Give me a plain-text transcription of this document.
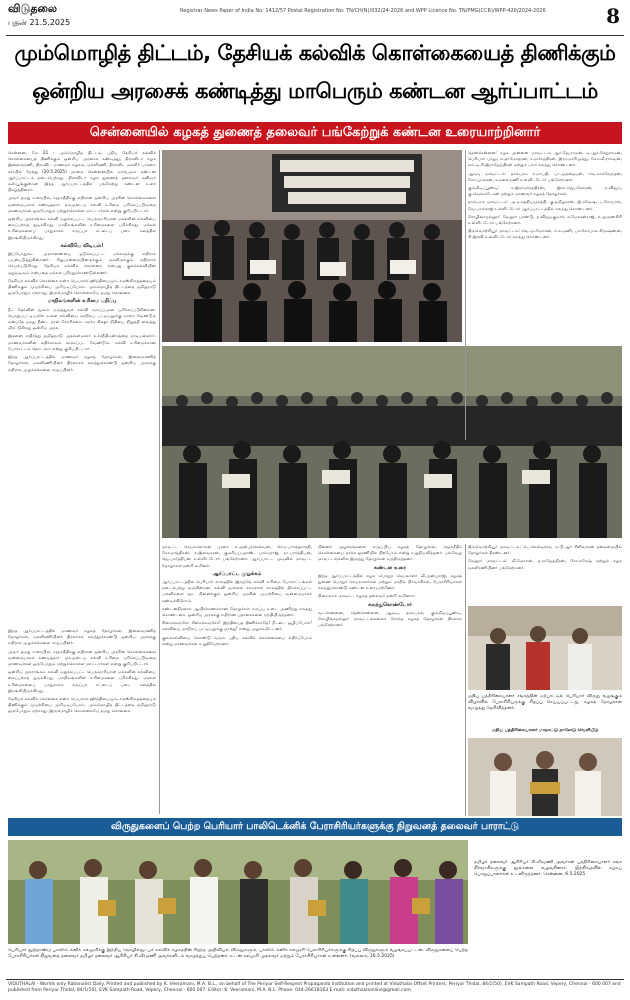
விடுதலை
புதன் 21.5.2025
Registrar News Paper of India No: 1412/57 Postal Registration No: TN/CH(N)/032/24-2026 and WPP Licence No. TN/PMG(CCR)/WPP-420/2024-2026	8
மும்மொழித் திட்டம், தேசியக் கல்விக் கொள்கையைத் திணிக்கும்
ஒன்றிய அரசைக் கண்டித்து மாபெரும் கண்டன ஆர்ப்பாட்டம்
சென்னையில் கழகத் துணைத் தலைவர் பங்கேற்றுக் கண்டன உரையாற்றினார்

சென்னை, மே 21 - மும்மொழித் திட்டம், புதிய தேசியக் கல்விக் கொள்கையைத் திணிக்கும் ஒன்றிய அரசைக் கண்டித்து, திராவிடர் கழக இளைஞரணி, திராவிட மாணவர் கழகம், மகளிரணி, திராவிட மகளிர் பாசறை சார்பில் நேற்று (20.5.2025) மாலை சென்னையில் மாபெரும் கண்டன ஆர்ப்பாட்டம் நடைபெற்றது. திராவிடர் கழக துணைத் தலைவர் கவிஞர் கலி.பூங்குன்றன் இந்த ஆர்ப்பாட்டத்தில் பங்கேற்று கண்டன உரை நிகழ்த்தினார்.

அவர் தமது உரையில், சமூகநீதிக்கு எதிரான ஒன்றிய அரசின் கொள்கைகளை வன்மையாகக் கண்டித்தார். நம்முடைய கல்வி உரிமை பறிக்கப்படுவதை மாணவர்கள் ஒருபோதும் ஏற்றுக்கொள்ள மாட்டார்கள் என்று குறிப்பிட்டார்.

ஒன்றிய அரசாங்கம் கல்வி மறுக்கப்பட்ட பெருவாரியான மக்களின் கல்வியை கைப்பற்றத் துடிக்கிறது. மாநிலங்களின் உரிமைகளை பறிக்கிறது. மக்கள் உரிமைகளைப் பாதுகாக்க கருப்புச் சட்டைப் படை களத்தில் இறங்கியிருக்கிறது.

கல்வியே விடியல்!

இப்போதுகூட அரசாணையை ஒடுக்கப்பட்ட மக்களுக்கு எதிராக பயன்படுத்துகின்றனர். சிறுபான்மையினருக்கும் மகளிருக்கும் எதிராகச் செயல்படுகிறது. தேசியக் கல்விக் கொள்கை என்பது குலக்கல்வியின் மறுவடிவம் என்பதை மக்கள் புரிந்துகொண்டுள்ளனர்.

தேசியக் கல்விக் கொள்கை என்ற பெயரால் ஹிந்தியையும், சமஸ்கிருதத்தையும் திணிக்கும் முயற்சியை முறியடிப்போம். மும்மொழித் திட்டத்தை தமிழ்நாடு ஒருபோதும் ஏற்காது. இருமொழிக் கொள்கையே நமது கொள்கை.

மாநிலங்களின் உரிமை பறிப்பு

நீட் தேர்வின் மூலம் மருத்துவக் கல்வி வாய்ப்புகள் பறிக்கப்படுகின்றன. பொதுப்பட்டியலில் உள்ள கல்வியை மாநிலப் பட்டியலுக்கு மாற்ற வேண்டும் என்பதே நமது நீண்ட நாள் கோரிக்கை. சமக்ர சிக்ஷா நிதியை நிறுத்தி வைத்து மிரட்டுகிறது ஒன்றிய அரசு.

இதனை எதிர்த்து தமிழ்நாடு முதலமைச்சர் உச்சநீதிமன்றத்தை நாடியுள்ளார். மாணவர்களின் எதிர்காலம் காக்கப்பட வேண்டும். கல்வி உரிமைக்கான போராட்டம் தொடரும் என்று குறிப்பிட்டார்.

இந்த ஆர்ப்பாட்டத்தில் மாணவர் கழகத் தோழர்கள், இளைஞரணித் தோழர்கள், மகளிரணியினர் திரளாகக் கலந்துகொண்டு ஒன்றிய அரசுக்கு எதிராக முழக்கங்களை எழுப்பினர்.

இந்த ஆர்ப்பாட்டத்தில் மாணவர் கழகத் தோழர்கள், இளைஞரணித் தோழர்கள், மகளிரணியினர் திரளாகக் கலந்துகொண்டு ஒன்றிய அரசுக்கு எதிராக முழக்கங்களை எழுப்பினர்.

அவர் தமது உரையில், சமூகநீதிக்கு எதிரான ஒன்றிய அரசின் கொள்கைகளை வன்மையாகக் கண்டித்தார். நம்முடைய கல்வி உரிமை பறிக்கப்படுவதை மாணவர்கள் ஒருபோதும் ஏற்றுக்கொள்ள மாட்டார்கள் என்று குறிப்பிட்டார்.

ஒன்றிய அரசாங்கம் கல்வி மறுக்கப்பட்ட பெருவாரியான மக்களின் கல்வியை கைப்பற்றத் துடிக்கிறது. மாநிலங்களின் உரிமைகளை பறிக்கிறது. மக்கள் உரிமைகளைப் பாதுகாக்க கருப்புச் சட்டைப் படை களத்தில் இறங்கியிருக்கிறது.

தேசியக் கல்விக் கொள்கை என்ற பெயரால் ஹிந்தியையும், சமஸ்கிருதத்தையும் திணிக்கும் முயற்சியை முறியடிப்போம். மும்மொழித் திட்டத்தை தமிழ்நாடு ஒருபோதும் ஏற்காது. இருமொழிக் கொள்கையே நமது கொள்கை.

தென்சென்னை: கழக அன்னை மாவட்டம் ஆர்.ஜே.ராமன், டி.ஆர்.சேதுராமன், பெரியார் பாலு, எ.தாமோதரன், ச.மகேந்திரன், இரா.மாரிமுத்து, கோ.வீ.ராகவன், எம்.டி.சி.இராஜேந்திரன் மற்றும் பலர் கலந்து கொண்டனர்.

ஆவடி மாவட்டம்: தாம்பரம் உமாபதி, பா.முத்தையன், வெ.கார்வேந்தன், கோ.முருகன், க.கலைமணி உள்ளிட்டோர் பங்கேற்றனர்.

கும்மிடிப்பூண்டி: க.இராமச்சந்திரன், இரா.ஜெயசேகரன், ஏ.விஜய், கு.வெங்கடேசன் மற்றும் மாணவர் கழகத் தோழர்கள்.

தாம்பரம் மாவட்டம்: மு.ஏ.சத்தியமூர்த்தி, கு.தமிழரசன், இ.ரமேஷ், ப.கோபால், வே.பால்ராஜ் உள்ளிட்டோர் ஆர்ப்பாட்டத்தில் கலந்து கொண்டனர்.

சோழிங்கநல்லூர்: வேலூர் பாண்டு, ந.விஜயகுமார், சு.மோகன்ராஜ், க.அருணகிரி உள்ளிட்டோர் பங்கேற்றனர்.

திருவொற்றியூர் மாவட்டம்: வெ.மு.மோகன், ஈ.சு.மணி, பா.கோபால கிருஷ்ணன், சி.இரவி உள்ளிட்டோர் கலந்து கொண்டனர்.

மாவட்ட செயலாளர்கள் புரசை சு.அன்புச்செல்வன், செ.ர.பார்த்தசாரதி, கோ.நாத்திகன், க.இளவரசன், குமரியப்பதாஸ், பாக்யராஜ், நா.பார்த்திபன், ஜெ.பார்த்திபன் உள்ளிட்டோர் பங்கேற்றனர். ஆர்ப்பாட்ட முடிவில் மாவட்ட தோழர்கள் நன்றி கூறினர்.

ஆர்ப்பாட்ட முழக்கம்

ஆர்ப்பாட்டத்தில் பெரியார் காலத்தில் இருந்தே கல்வி உரிமை போராட்டங்கள் நடைபெற்று வருகின்றன. கல்வி வள்ளல் காமராசர் காலத்தில் திறக்கப்பட்ட பள்ளிகளை மூட நினைக்கும் ஒன்றிய அரசின் முயற்சியை வன்மையாகக் கண்டிக்கிறோம்.

கண்டனதிரளாக ஆயிரக்கணக்கான தோழர்கள் கருப்பு உடை அணிந்து கலந்து கொண்டனர். ஒன்றிய அரசுக்கு எதிரான பதாகைகளை ஏந்தியிருந்தனர்.

சிறைக்கஞ்சோ சிறைக்கஞ்சோ! இந்தியைத் திணிக்காதே! நீட்டை ஒழிப்போம்! கல்வியை மாநிலப் பட்டியலுக்கு மாற்று! என்று முழக்கமிட்டனர்.

குலக்கல்வியை கொண்டு வரும் புதிய கல்விக் கொள்கையை எதிர்ப்போம் என்று மாணவர்கள் உறுதியேற்றனர்.

பின்னர் முழக்கங்களை எழுப்பிய கழகத் தோழர்கள், சமூகநீதிக் கொள்கையை காக்க ஓரணியில் நிற்போம் என்று உறுதியளித்தனர். பல்வேறு மாவட்டங்களில் இருந்து தோழர்கள் வந்திருந்தனர்.

கண்டன உரை

இந்த ஆர்ப்பாட்டத்தில் கழக பொதுச் செயலாளர் வீ.அன்புராஜ், கழகத் துணை பொதுச் செயலாளர்கள் மற்றும் மாநில நிர்வாகிகள், பேராசிரியர்கள் கலந்துகொண்டு கண்டன உரையாற்றினர்.

நிறைவாக மாவட்ட கழகத் தலைவர் நன்றி கூறினார்.

கலந்துகொண்டோர்

வடசென்னை, தென்சென்னை, ஆவடி, தாம்பரம், கும்மிடிப்பூண்டி, சோழிங்கநல்லூர் மாவட்டங்களைச் சேர்ந்த கழகத் தோழர்கள் திரளாக பங்கேற்றனர்.

திருவொற்றியூர் மாவட்டம்: பெ.செல்வராசு, ஏ.பி.ஆர் சீனிவாசன் தலைமையில் தோழர்கள் திரண்டனர்.

வேலூர் மாவட்டம்: வீ.மோகன், த.ராஜேந்திரன், சோ.சுரேஷ் மற்றும் கழக மகளிரணியினர் பங்கேற்றனர்.

மதிய பத்திரிகையாளர் சங்கத்தின் ஏற்பாட்டில் பெரியார் விருது வழங்கும் விழாவில் பேராசிரியருக்கு சிறப்பு செய்யப்பட்டது. கழகத் தோழர்கள் வாழ்த்து தெரிவித்தனர்.
மதிய பத்திரிகையாளர் மாநாட்டு நாளேடு வெளியீடு
விருதுகளைப் பெற்ற பெரியார் பாலிடெக்னிக் பேராசிரியர்களுக்கு நிறுவனத் தலைவர் பாராட்டு
தமிழர் தலைவர் ஆசிரியர் கி.வீரமணி அவர்கள் பத்திரிகையாளர் சங்க நிர்வாகிகளுக்கு நூல்களை வழங்கினார். இந்நிகழ்வில் கழகப் பொறுப்பாளர்கள் உடனிருந்தனர். சென்னை, 6.5.2025
பெரியார் நூற்றாண்டு பாலிடெக்னிக் கல்லூரிக்கு இந்திய தொழில்நுட்பக் கல்விக் கழகத்தின் சிறந்த அறிவியல் விருதுகளும், பாலிடெக்னிக் கல்லூரி பேராசிரியர்களுக்கு சிறப்பு விருதுகளும் வழங்கப்பட்டன. விருதுகளைப் பெற்ற பேராசிரியர்கள் நிறுவனத் தலைவர் தமிழர் தலைவர் ஆசிரியர் கி.வீரமணி அவர்களிடம் வாழ்த்துப் பெற்றனர். உடன் கல்லூரி முதல்வர் மற்றும் பேராசிரியர்கள் உள்ளனர். (வல்லம், 16.5.2025)
VIDUTHALAI - Worlds only Rationalist Daily. Printed and published by K. Veeramani, M.A. B.L., on behalf of The Periyar Self-Respect Propaganda Institution and printed at Viduthalai Offset Printers, Periyar Thidal, 84/1(50), EVK Sampath Road, Vepery, Chennai - 600 007 and published from Periyar Thidal, 84/1(50), EVK Sampath Road, Vepery, Chennai - 600 007. Editor: K. Veeramani, M.A. B.L. Phone: 044-26618163 E-mail: viduthalaionline@gmail.com
